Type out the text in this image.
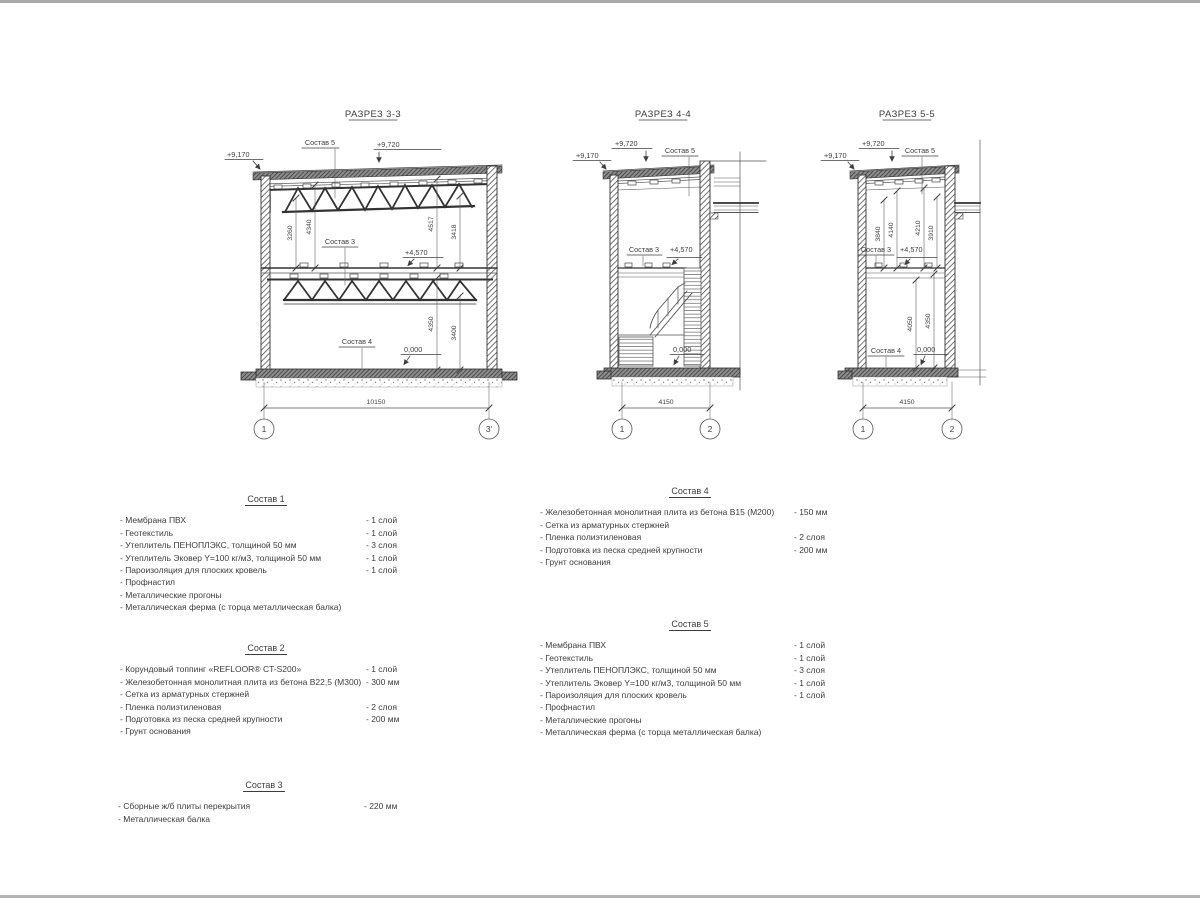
РАЗРЕЗ 3-3
+9,170
+9,720
Состав 5
Состав 3
+4,570
Состав 4
0,000
3260 4340	4517
3418
4350
3400
10150
1	3'
РАЗРЕЗ 4-4
+9,170
+9,720
Состав 5
Состав 3 +4,570
0,000
4150
1	2
РАЗРЕЗ 5-5
+9,170
+9,720
Состав 5
Состав 3 +4,570
Состав 4 0,000
3840 4140	4210 3910
4050 4350
4150
1	2
Состав 1
- Мембрана ПВХ	- 1 слой
- Геотекстиль	- 1 слой
- Утеплитель ПЕНОПЛЭКС, толщиной 50 мм	- 3 слоя
- Утеплитель Эковер Y=100 кг/м3, толщиной 50 мм	- 1 слой
- Пароизоляция для плоских кровель	- 1 слой
- Профнастил
- Металлические прогоны
- Металлическая ферма (с торца металлическая балка)
Состав 2
- Корундовый топпинг «REFLOOR® CT-S200»	- 1 слой
- Железобетонная монолитная плита из бетона В22,5 (М300) - 300 мм
- Сетка из арматурных стержней
- Пленка полиэтиленовая	- 2 слоя
- Подготовка из песка средней крупности	- 200 мм
- Грунт основания
Состав 3
- Сборные ж/б плиты перекрытия	- 220 мм
- Металлическая балка
Состав 4
- Железобетонная монолитная плита из бетона В15 (М200)	- 150 мм
- Сетка из арматурных стержней
- Пленка полиэтиленовая	- 2 слоя
- Подготовка из песка средней крупности	- 200 мм
- Грунт основания
Состав 5
- Мембрана ПВХ	- 1 слой
- Геотекстиль	- 1 слой
- Утеплитель ПЕНОПЛЭКС, толщиной 50 мм	- 3 слоя
- Утеплитель Эковер Y=100 кг/м3, толщиной 50 мм	- 1 слой
- Пароизоляция для плоских кровель	- 1 слой
- Профнастил
- Металлические прогоны
- Металлическая ферма (с торца металлическая балка)
